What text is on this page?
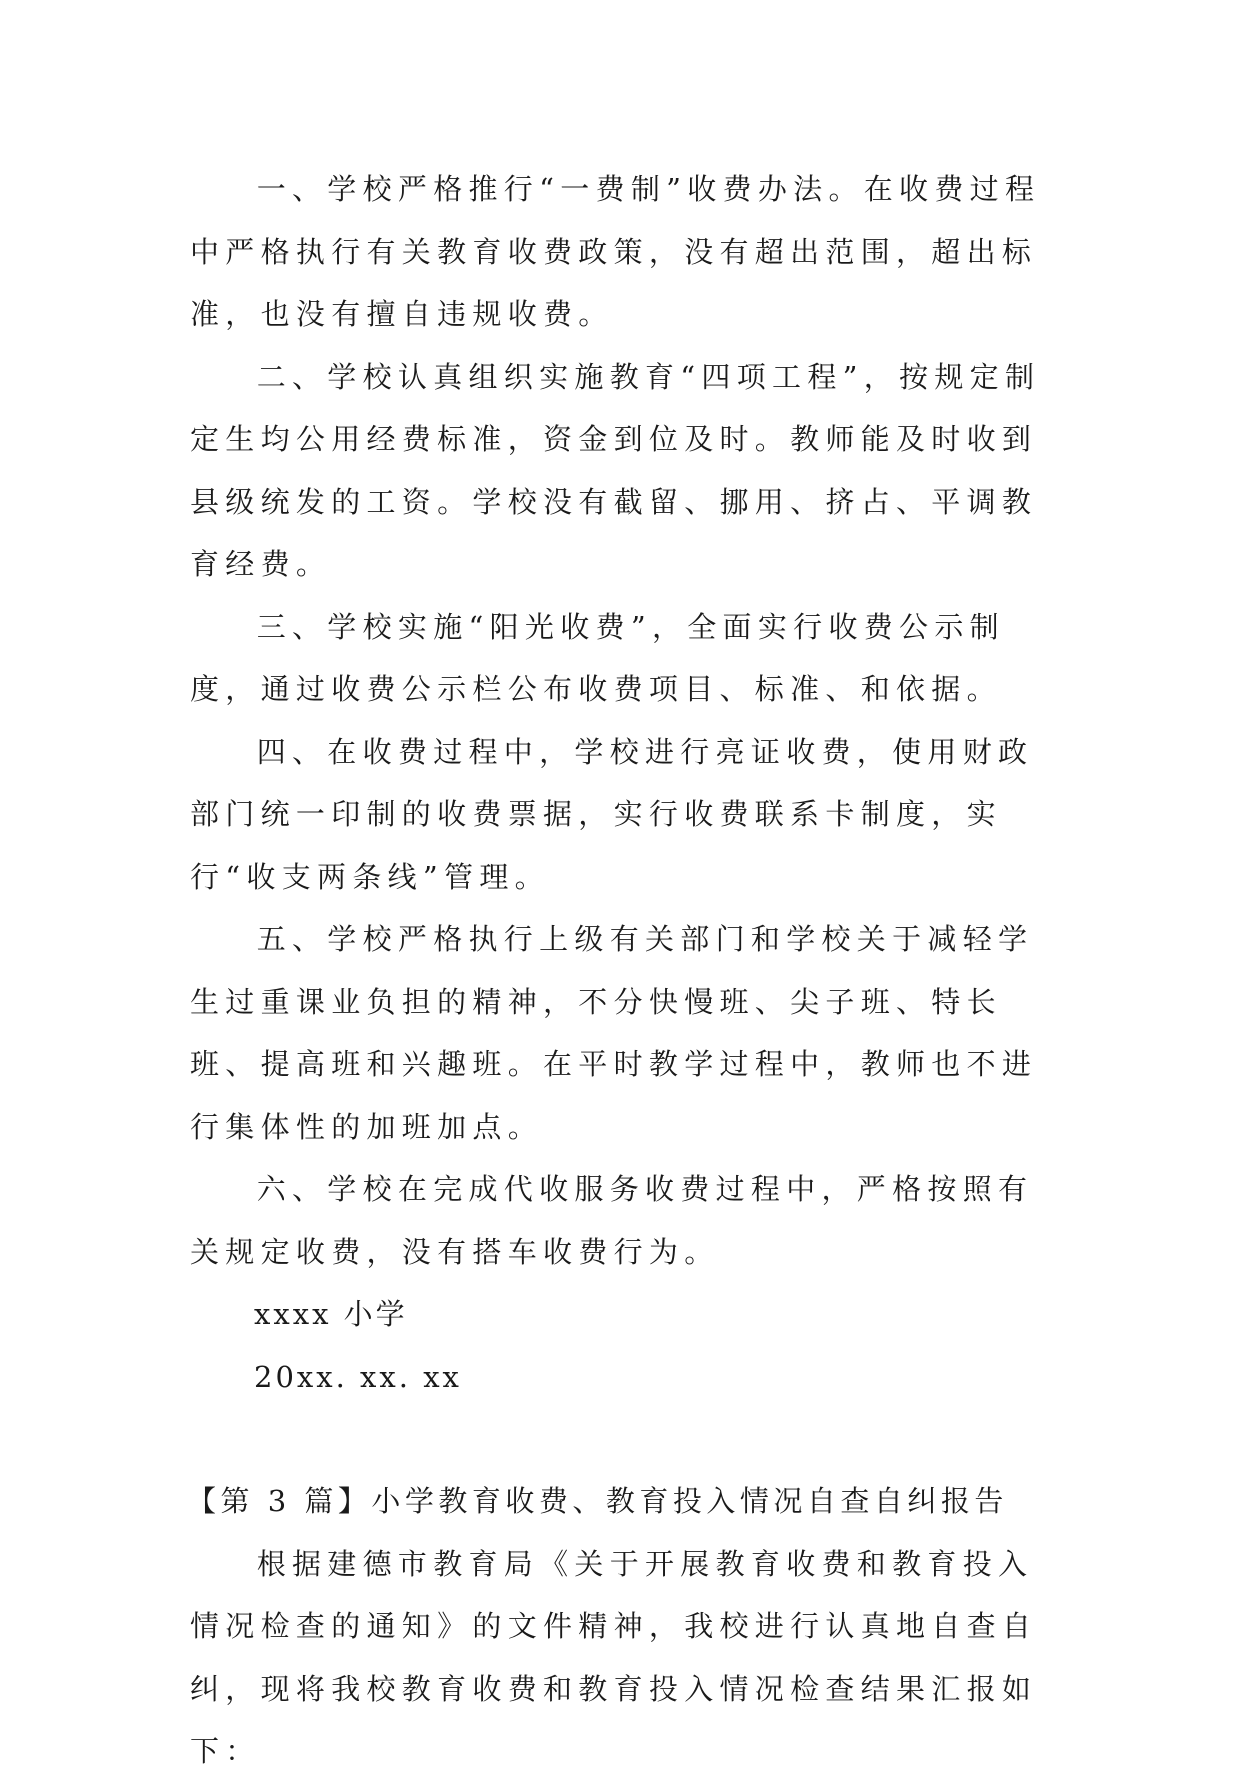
一、学校严格推行“一费制”收费办法。在收费过程中严格执行有关教育收费政策，没有超出范围，超出标准，也没有擅自违规收费。

二、学校认真组织实施教育“四项工程”，按规定制定生均公用经费标准，资金到位及时。教师能及时收到县级统发的工资。学校没有截留、挪用、挤占、平调教育经费。

三、学校实施“阳光收费”，全面实行收费公示制度，通过收费公示栏公布收费项目、标准、和依据。

四、在收费过程中，学校进行亮证收费，使用财政部门统一印制的收费票据，实行收费联系卡制度，实行“收支两条线”管理。

五、学校严格执行上级有关部门和学校关于减轻学生过重课业负担的精神，不分快慢班、尖子班、特长班、提高班和兴趣班。在平时教学过程中，教师也不进行集体性的加班加点。

六、学校在完成代收服务收费过程中，严格按照有关规定收费，没有搭车收费行为。

xxxx 小学

20xx. xx. xx

【第 3 篇】小学教育收费、教育投入情况自查自纠报告

根据建德市教育局《关于开展教育收费和教育投入情况检查的通知》的文件精神，我校进行认真地自查自纠，现将我校教育收费和教育投入情况检查结果汇报如下：
